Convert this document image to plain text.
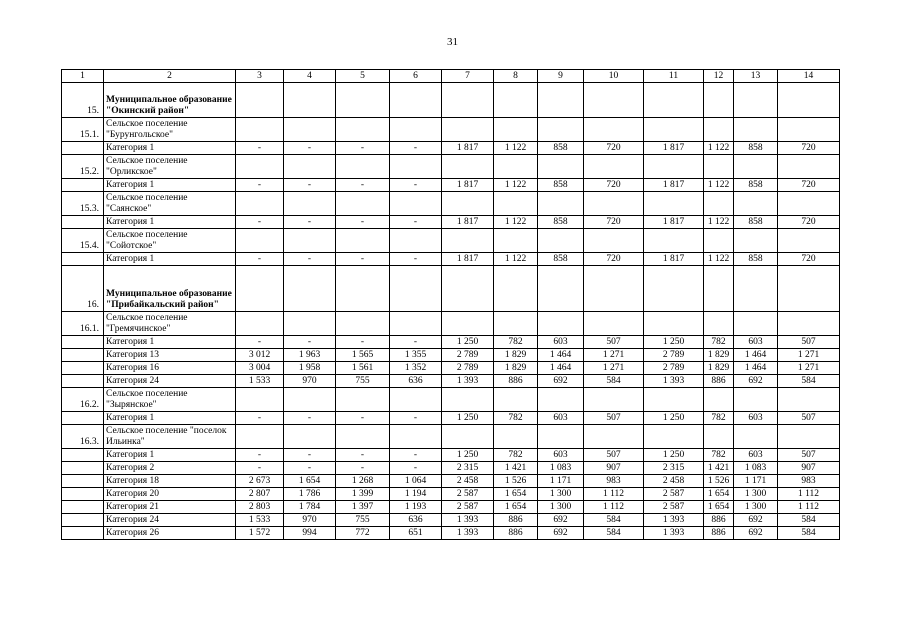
31
1	2	3	4	5	6	7	8	9	10	11	12	13	14
15.	Муниципальное образование "Окинский район"												
15.1.	Сельское поселение "Бурунгольское"												
	Категория 1	-	-	-	-	1 817	1 122	858	720	1 817	1 122	858	720
15.2.	Сельское поселение "Орликское"												
	Категория 1	-	-	-	-	1 817	1 122	858	720	1 817	1 122	858	720
15.3.	Сельское поселение "Саянское"												
	Категория 1	-	-	-	-	1 817	1 122	858	720	1 817	1 122	858	720
15.4.	Сельское поселение "Сойотское"												
	Категория 1	-	-	-	-	1 817	1 122	858	720	1 817	1 122	858	720
16.	Муниципальное образование "Прибайкальский район"												
16.1.	Сельское поселение "Гремячинское"												
	Категория 1	-	-	-	-	1 250	782	603	507	1 250	782	603	507
	Категория 13	3 012	1 963	1 565	1 355	2 789	1 829	1 464	1 271	2 789	1 829	1 464	1 271
	Категория 16	3 004	1 958	1 561	1 352	2 789	1 829	1 464	1 271	2 789	1 829	1 464	1 271
	Категория 24	1 533	970	755	636	1 393	886	692	584	1 393	886	692	584
16.2.	Сельское поселение "Зырянское"												
	Категория 1	-	-	-	-	1 250	782	603	507	1 250	782	603	507
16.3.	Сельское поселение "поселок Ильинка"												
	Категория 1	-	-	-	-	1 250	782	603	507	1 250	782	603	507
	Категория 2	-	-	-	-	2 315	1 421	1 083	907	2 315	1 421	1 083	907
	Категория 18	2 673	1 654	1 268	1 064	2 458	1 526	1 171	983	2 458	1 526	1 171	983
	Категория 20	2 807	1 786	1 399	1 194	2 587	1 654	1 300	1 112	2 587	1 654	1 300	1 112
	Категория 21	2 803	1 784	1 397	1 193	2 587	1 654	1 300	1 112	2 587	1 654	1 300	1 112
	Категория 24	1 533	970	755	636	1 393	886	692	584	1 393	886	692	584
	Категория 26	1 572	994	772	651	1 393	886	692	584	1 393	886	692	584
